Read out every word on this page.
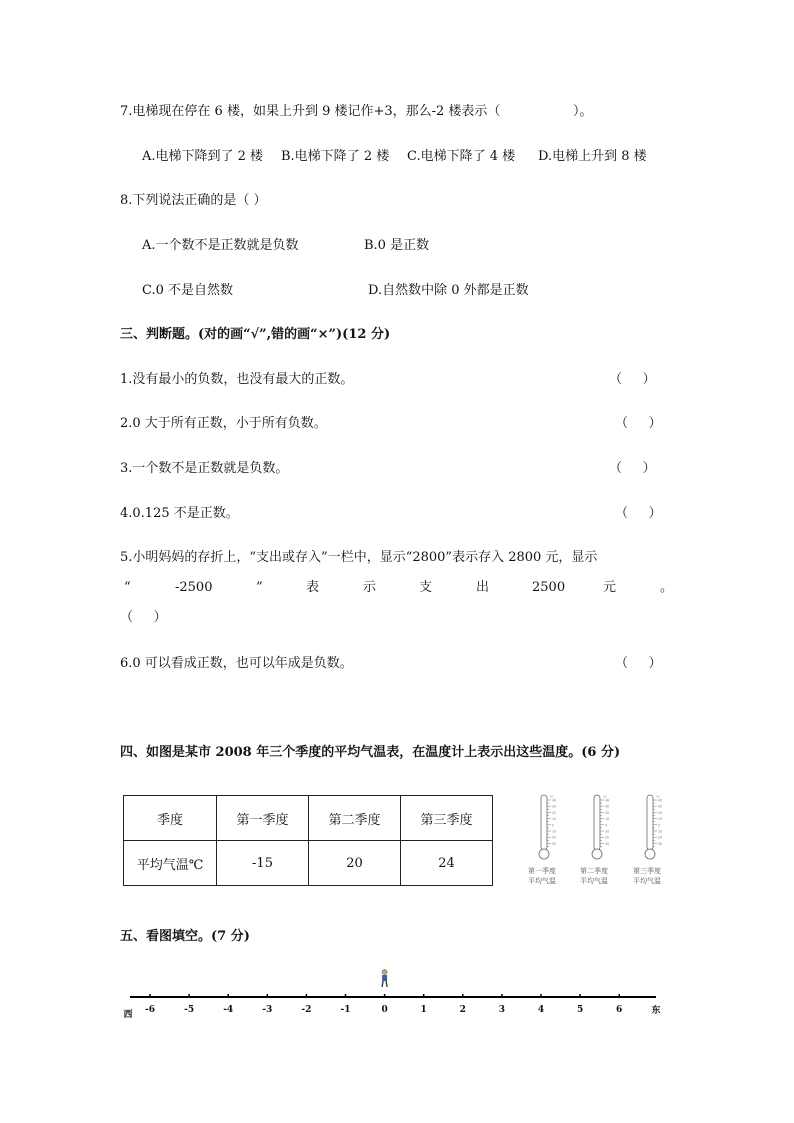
7.电梯现在停在 6 楼，如果上升到 9 楼记作+3，那么-2 楼表示（	）。
A.电梯下降到了 2 楼 B.电梯下降了 2 楼 C.电梯下降了 4 楼 D.电梯上升到 8 楼
8.下列说法正确的是（ ）
A.一个数不是正数就是负数	B.0 是正数
C.0 不是自然数	D.自然数中除 0 外都是正数
三、判断题。(对的画“√”,错的画“×”)(12 分)
1.没有最小的负数，也没有最大的正数。	（     ）
2.0 大于所有正数，小于所有负数。	（     ）
3.一个数不是正数就是负数。	（     ）
4.0.125 不是正数。	（     ）
5.小明妈妈的存折上，“支出或存入”一栏中，显示“2800”表示存入 2800 元，显示
“	-2500	”	表	示	支	出	2500	元	。
（     ）
6.0 可以看成正数，也可以年成是负数。	（     ）
四、如图是某市 2008 年三个季度的平均气温表，在温度计上表示出这些温度。(6 分)
季度	第一季度	第二季度	第三季度
平均气温℃	-15	20	24
℃
40
30
20
10
0
10
20
30
℃
40
30
20
10
0
10
20
30
℃
40
30
20
10
0
10
20
30
第一季度
平均气温
第二季度
平均气温
第三季度
平均气温
五、看图填空。(7 分)
西	东
-6	-5	-4	-3	-2	-1	0	1	2	3	4	5	6
